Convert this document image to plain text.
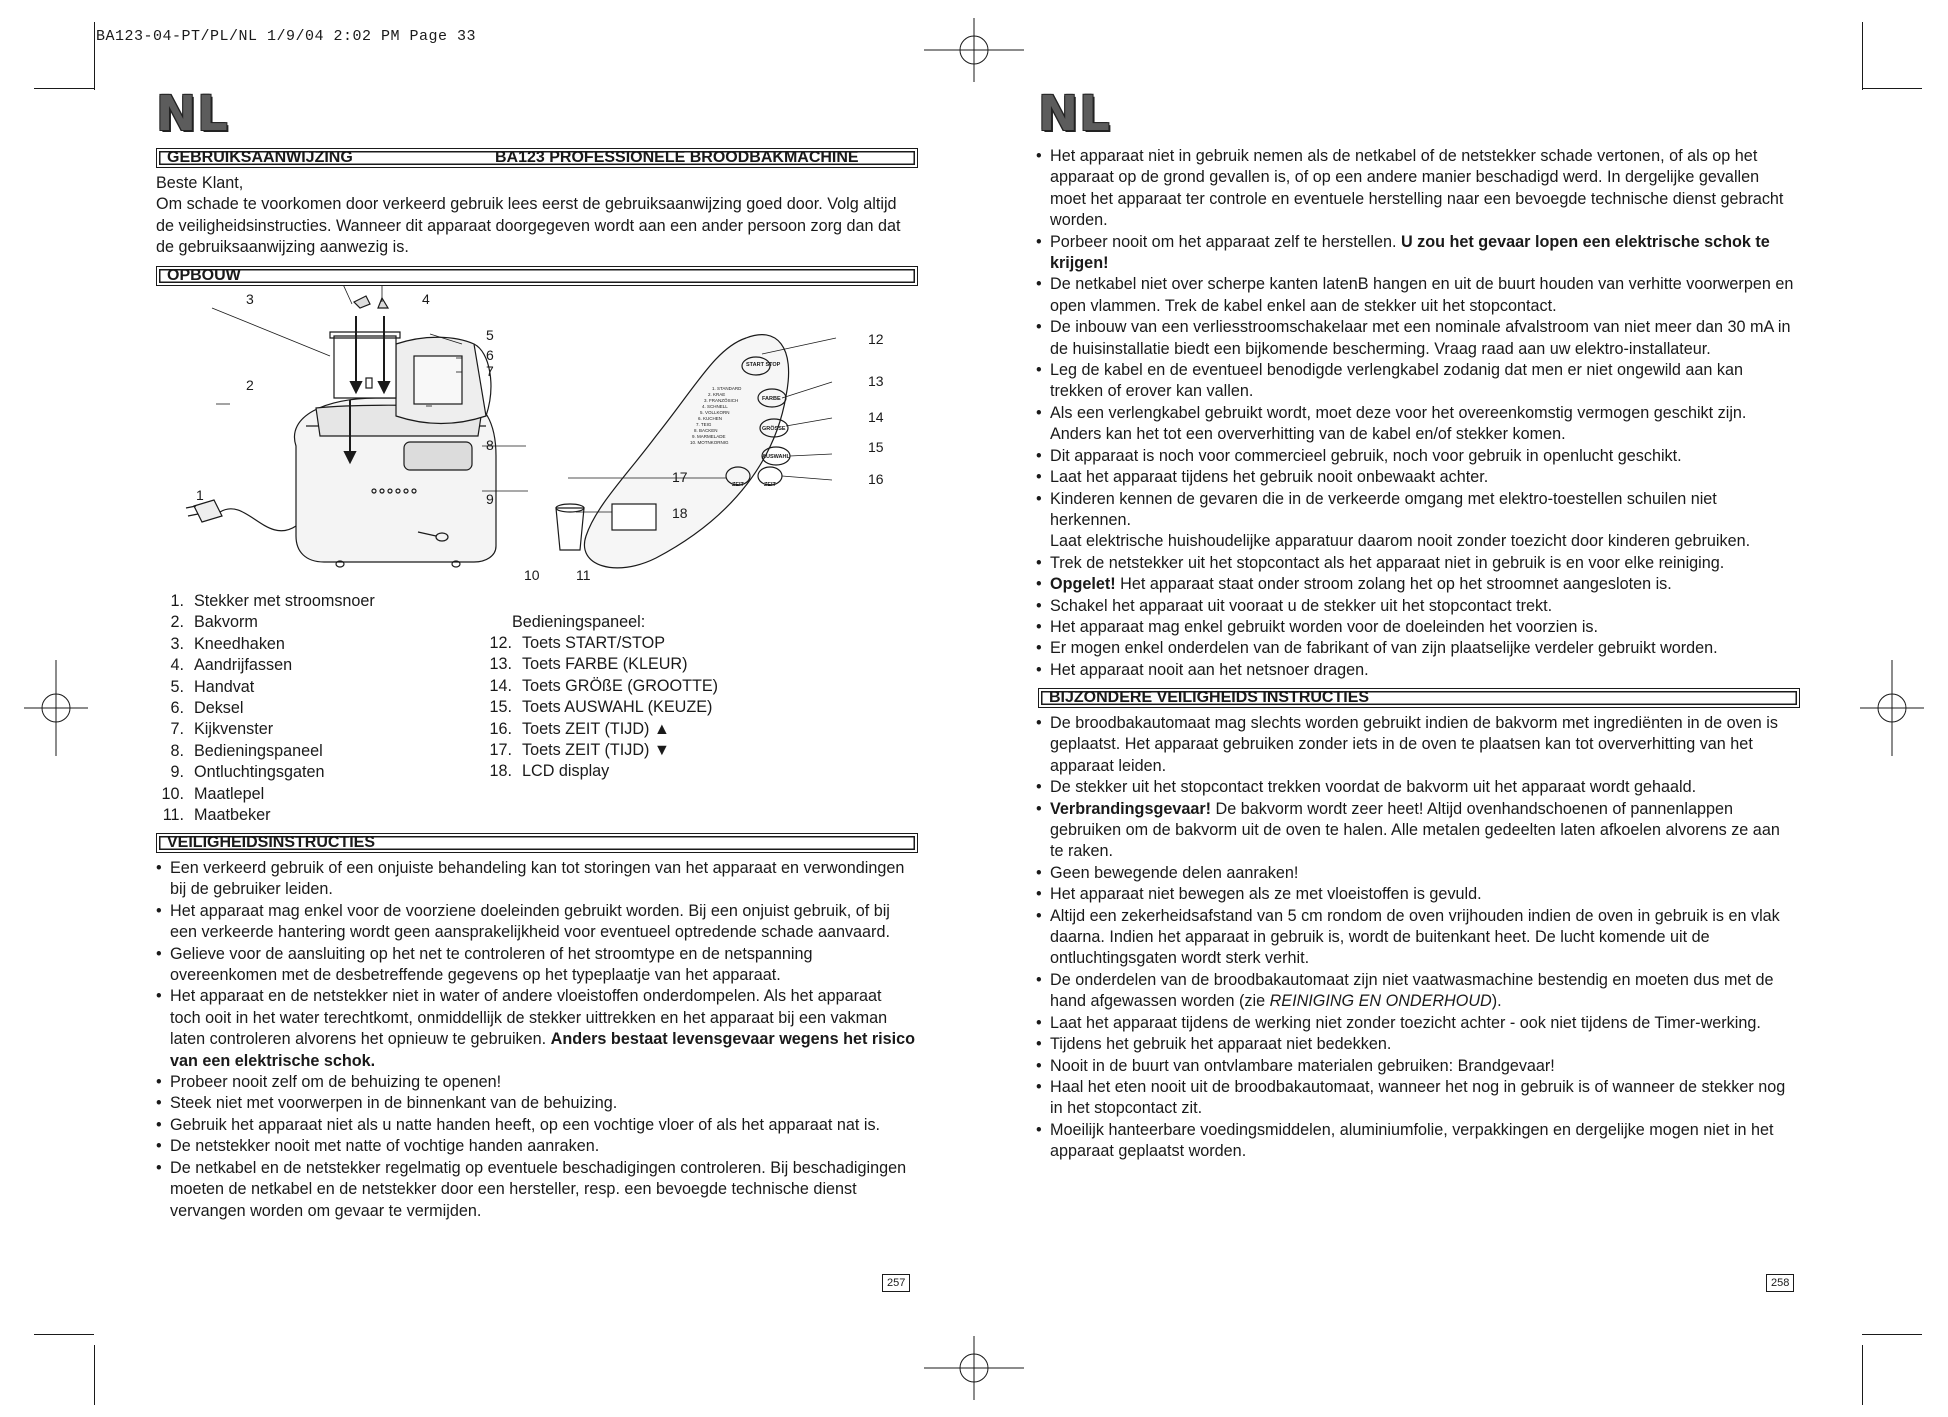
BA123-04-PT/PL/NL 1/9/04 2:02 PM Page 33
NL
GEBRUIKSAANWIJZING	BA123 PROFESSIONELE BROODBAKMACHINE

Beste Klant,

Om schade te voorkomen door verkeerd gebruik lees eerst de gebruiksaanwijzing goed door. Volg altijd de veiligheidsinstructies. Wanneer dit apparaat doorgegeven wordt aan een ander persoon zorg dan dat de gebruiksaanwijzing aanwezig is.

OPBOUW
1
2
3	4
5
6
7
8
9
10	11
12
13
14
15
16
17
18
START STOP
FARBE
GRÖSSE
AUSWAHL
ZEIT	ZEIT
1. STANDARD
2. KRAE
3. FRANZÖSICH
4. SCHNELL
5. VOLLKORN
6. KUCHEN
7. TEIG
8. BACKEN
9. MARMELADE
10. MOTNKORNIG
1. Stekker met stroomsnoer
2. Bakvorm
3. Kneedhaken
4. Aandrijfassen
5. Handvat
6. Deksel
7. Kijkvenster
8. Bedieningspaneel
9. Ontluchtingsgaten
10. Maatlepel
11. Maatbeker
Bedieningspaneel:
12. Toets START/STOP
13. Toets FARBE (KLEUR)
14. Toets GRÖßE (GROOTTE)
15. Toets AUSWAHL (KEUZE)
16. Toets ZEIT (TIJD) ▲
17. Toets ZEIT (TIJD) ▼
18. LCD display
VEILIGHEIDSINSTRUCTIES
• Een verkeerd gebruik of een onjuiste behandeling kan tot storingen van het apparaat en verwondingen bij de gebruiker leiden.
• Het apparaat mag enkel voor de voorziene doeleinden gebruikt worden. Bij een onjuist gebruik, of bij een verkeerde hantering wordt geen aansprakelijkheid voor eventueel optredende schade aanvaard.
• Gelieve voor de aansluiting op het net te controleren of het stroomtype en de netspanning overeenkomen met de desbetreffende gegevens op het typeplaatje van het apparaat.
• Het apparaat en de netstekker niet in water of andere vloeistoffen onderdompelen. Als het apparaat toch ooit in het water terechtkomt, onmiddellijk de stekker uittrekken en het apparaat bij een vakman laten controleren alvorens het opnieuw te gebruiken. Anders bestaat levensgevaar wegens het risico van een elektrische schok.
• Probeer nooit zelf om de behuizing te openen!
• Steek niet met voorwerpen in de binnenkant van de behuizing.
• Gebruik het apparaat niet als u natte handen heeft, op een vochtige vloer of als het apparaat nat is.
• De netstekker nooit met natte of vochtige handen aanraken.
• De netkabel en de netstekker regelmatig op eventuele beschadigingen controleren. Bij beschadigingen moeten de netkabel en de netstekker door een hersteller, resp. een bevoegde technische dienst vervangen worden om gevaar te vermijden.
257
NL
• Het apparaat niet in gebruik nemen als de netkabel of de netstekker schade vertonen, of als op het apparaat op de grond gevallen is, of op een andere manier beschadigd werd. In dergelijke gevallen moet het apparaat ter controle en eventuele herstelling naar een bevoegde technische dienst gebracht worden.
• Porbeer nooit om het apparaat zelf te herstellen. U zou het gevaar lopen een elektrische schok te krijgen!
• De netkabel niet over scherpe kanten latenB hangen en uit de buurt houden van verhitte voorwerpen en open vlammen. Trek de kabel enkel aan de stekker uit het stopcontact.
• De inbouw van een verliesstroomschakelaar met een nominale afvalstroom van niet meer dan 30 mA in de huisinstallatie biedt een bijkomende bescherming. Vraag raad aan uw elektro-installateur.
• Leg de kabel en de eventueel benodigde verlengkabel zodanig dat men er niet ongewild aan kan trekken of erover kan vallen.
• Als een verlengkabel gebruikt wordt, moet deze voor het overeenkomstig vermogen geschikt zijn. Anders kan het tot een oververhitting van de kabel en/of stekker komen.
• Dit apparaat is noch voor commercieel gebruik, noch voor gebruik in openlucht geschikt.
• Laat het apparaat tijdens het gebruik nooit onbewaakt achter.
• Kinderen kennen de gevaren die in de verkeerde omgang met elektro-toestellen schuilen niet herkennen.
Laat elektrische huishoudelijke apparatuur daarom nooit zonder toezicht door kinderen gebruiken.
• Trek de netstekker uit het stopcontact als het apparaat niet in gebruik is en voor elke reiniging.
• Opgelet! Het apparaat staat onder stroom zolang het op het stroomnet aangesloten is.
• Schakel het apparaat uit vooraat u de stekker uit het stopcontact trekt.
• Het apparaat mag enkel gebruikt worden voor de doeleinden het voorzien is.
• Er mogen enkel onderdelen van de fabrikant of van zijn plaatselijke verdeler gebruikt worden.
• Het apparaat nooit aan het netsnoer dragen.
BIJZONDERE VEILIGHEIDS INSTRUCTIES
• De broodbakautomaat mag slechts worden gebruikt indien de bakvorm met ingrediënten in de oven is geplaatst. Het apparaat gebruiken zonder iets in de oven te plaatsen kan tot oververhitting van het apparaat leiden.
• De stekker uit het stopcontact trekken voordat de bakvorm uit het apparaat wordt gehaald.
• Verbrandingsgevaar! De bakvorm wordt zeer heet! Altijd ovenhandschoenen of pannenlappen gebruiken om de bakvorm uit de oven te halen. Alle metalen gedeelten laten afkoelen alvorens ze aan te raken.
• Geen bewegende delen aanraken!
• Het apparaat niet bewegen als ze met vloeistoffen is gevuld.
• Altijd een zekerheidsafstand van 5 cm rondom de oven vrijhouden indien de oven in gebruik is en vlak daarna. Indien het apparaat in gebruik is, wordt de buitenkant heet. De lucht komende uit de ontluchtingsgaten wordt sterk verhit.
• De onderdelen van de broodbakautomaat zijn niet vaatwasmachine bestendig en moeten dus met de hand afgewassen worden (zie REINIGING EN ONDERHOUD).
• Laat het apparaat tijdens de werking niet zonder toezicht achter - ook niet tijdens de Timer-werking.
• Tijdens het gebruik het apparaat niet bedekken.
• Nooit in de buurt van ontvlambare materialen gebruiken: Brandgevaar!
• Haal het eten nooit uit de broodbakautomaat, wanneer het nog in gebruik is of wanneer de stekker nog in het stopcontact zit.
• Moeilijk hanteerbare voedingsmiddelen, aluminiumfolie, verpakkingen en dergelijke mogen niet in het apparaat geplaatst worden.
258
